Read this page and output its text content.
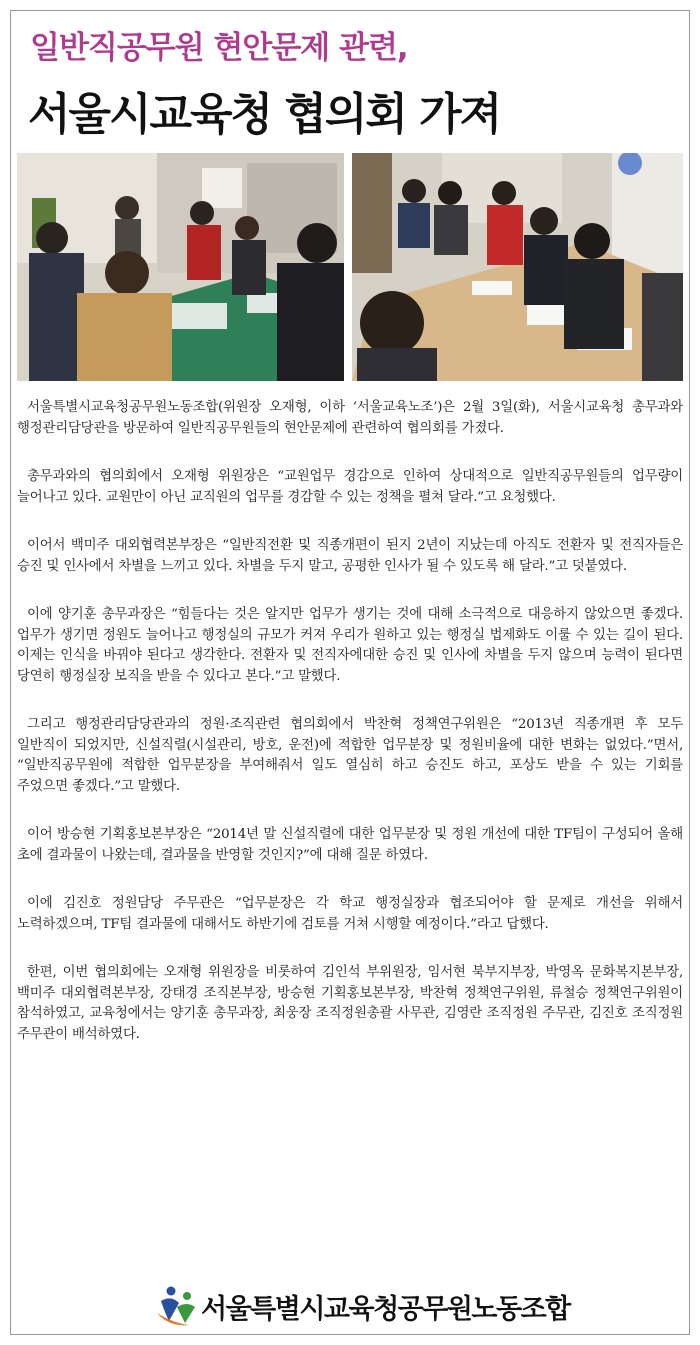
일반직공무원 현안문제 관련,
서울시교육청 협의회 가져

서울특별시교육청공무원노동조합(위원장 오재형, 이하 ‘서울교육노조’)은 2월 3일(화), 서울시교육청 총무과와 행정관리담당관을 방문하여 일반직공무원들의 현안문제에 관련하여 협의회를 가졌다.

총무과와의 협의회에서 오재형 위원장은 “교원업무 경감으로 인하여 상대적으로 일반직공무원들의 업무량이 늘어나고 있다. 교원만이 아닌 교직원의 업무를 경감할 수 있는 정책을 펼쳐 달라.”고 요청했다.

이어서 백미주 대외협력본부장은 “일반직전환 및 직종개편이 된지 2년이 지났는데 아직도 전환자 및 전직자들은 승진 및 인사에서 차별을 느끼고 있다. 차별을 두지 말고, 공평한 인사가 될 수 있도록 해 달라.”고 덧붙였다.

이에 양기훈 총무과장은 “힘들다는 것은 알지만 업무가 생기는 것에 대해 소극적으로 대응하지 않았으면 좋겠다. 업무가 생기면 정원도 늘어나고 행정실의 규모가 커져 우리가 원하고 있는 행정실 법제화도 이룰 수 있는 길이 된다. 이제는 인식을 바꿔야 된다고 생각한다. 전환자 및 전직자에대한 승진 및 인사에 차별을 두지 않으며 능력이 된다면 당연히 행정실장 보직을 받을 수 있다고 본다.”고 말했다.

그리고 행정관리담당관과의 정원·조직관련 협의회에서 박찬혁 정책연구위원은 “2013년 직종개편 후 모두 일반직이 되었지만, 신설직렬(시설관리, 방호, 운전)에 적합한 업무분장 및 정원비율에 대한 변화는 없었다.”면서, “일반직공무원에 적합한 업무분장을 부여해줘서 일도 열심히 하고 승진도 하고, 포상도 받을 수 있는 기회를 주었으면 좋겠다.”고 말했다.

이어 방승현 기획홍보본부장은 “2014년 말 신설직렬에 대한 업무분장 및 정원 개선에 대한 TF팀이 구성되어 올해 초에 결과물이 나왔는데, 결과물을 반영할 것인지?”에 대해 질문 하였다.

이에 김진호 정원담당 주무관은 “업무분장은 각 학교 행정실장과 협조되어야 할 문제로 개선을 위해서 노력하겠으며, TF팀 결과물에 대해서도 하반기에 검토를 거쳐 시행할 예정이다.”라고 답했다.

한편, 이번 협의회에는 오재형 위원장을 비롯하여 김인석 부위원장, 임서현 북부지부장, 박영옥 문화복지본부장, 백미주 대외협력본부장, 강태경 조직본부장, 방승현 기획홍보본부장, 박찬혁 정책연구위원, 류철승 정책연구위원이 참석하였고, 교육청에서는 양기훈 총무과장, 최웅장 조직정원총괄 사무관, 김영란 조직정원 주무관, 김진호 조직정원 주무관이 배석하였다.

서울특별시교육청공무원노동조합
